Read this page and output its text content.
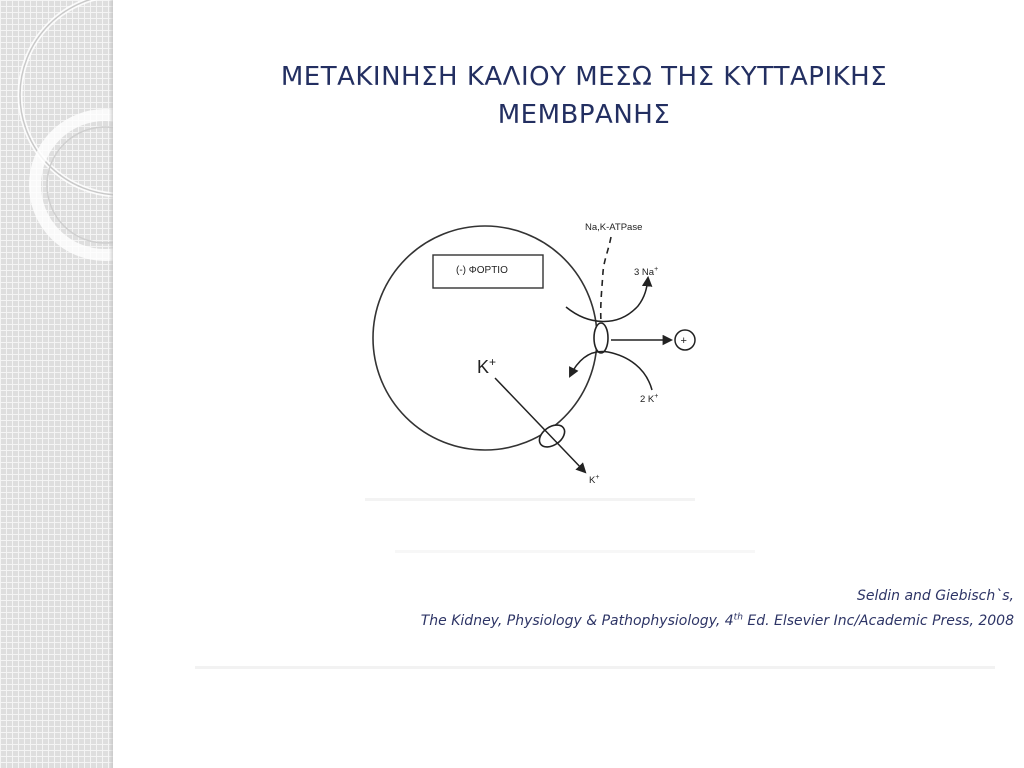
ΜΕΤΑΚΙΝΗΣΗ ΚΑΛΙΟΥ ΜΕΣΩ ΤΗΣ ΚΥΤΤΑΡΙΚΗΣ
ΜΕΜΒΡΑΝΗΣ
(-) ΦΟΡΤΙΟ
Na,K-ATPase
3 Na+
2 K+
+
K+
K+
Seldin and Giebisch`s,
The Kidney, Physiology & Pathophysiology, 4th Ed. Elsevier Inc/Academic Press, 2008
